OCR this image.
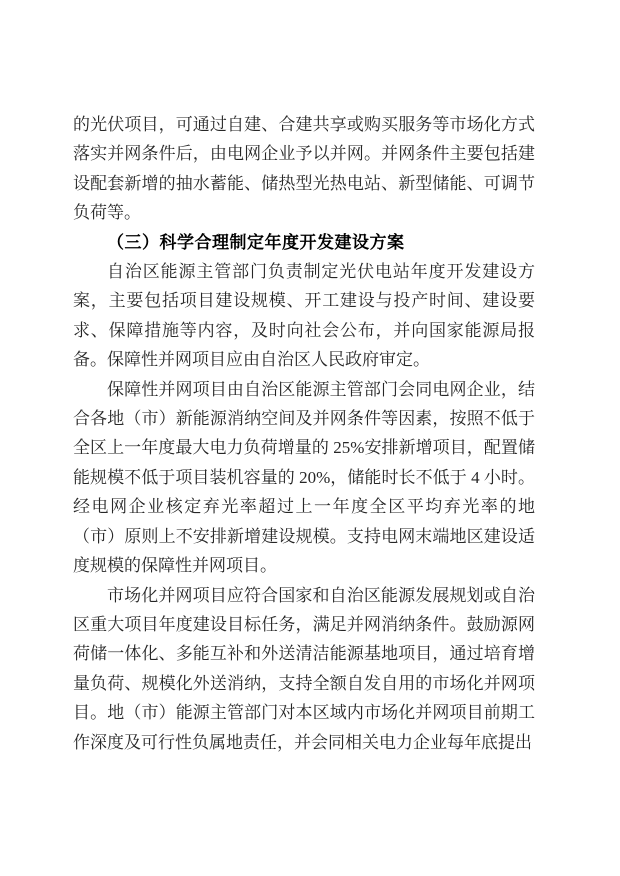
的光伏项目，可通过自建、合建共享或购买服务等市场化方式落实并网条件后，由电网企业予以并网。并网条件主要包括建设配套新增的抽水蓄能、储热型光热电站、新型储能、可调节负荷等。

（三）科学合理制定年度开发建设方案

自治区能源主管部门负责制定光伏电站年度开发建设方案，主要包括项目建设规模、开工建设与投产时间、建设要求、保障措施等内容，及时向社会公布，并向国家能源局报备。保障性并网项目应由自治区人民政府审定。

保障性并网项目由自治区能源主管部门会同电网企业，结合各地（市）新能源消纳空间及并网条件等因素，按照不低于全区上一年度最大电力负荷增量的 25%安排新增项目，配置储能规模不低于项目装机容量的 20%，储能时长不低于 4 小时。经电网企业核定弃光率超过上一年度全区平均弃光率的地（市）原则上不安排新增建设规模。支持电网末端地区建设适度规模的保障性并网项目。

市场化并网项目应符合国家和自治区能源发展规划或自治区重大项目年度建设目标任务，满足并网消纳条件。鼓励源网荷储一体化、多能互补和外送清洁能源基地项目，通过培育增量负荷、规模化外送消纳，支持全额自发自用的市场化并网项目。地（市）能源主管部门对本区域内市场化并网项目前期工作深度及可行性负属地责任，并会同相关电力企业每年底提出
